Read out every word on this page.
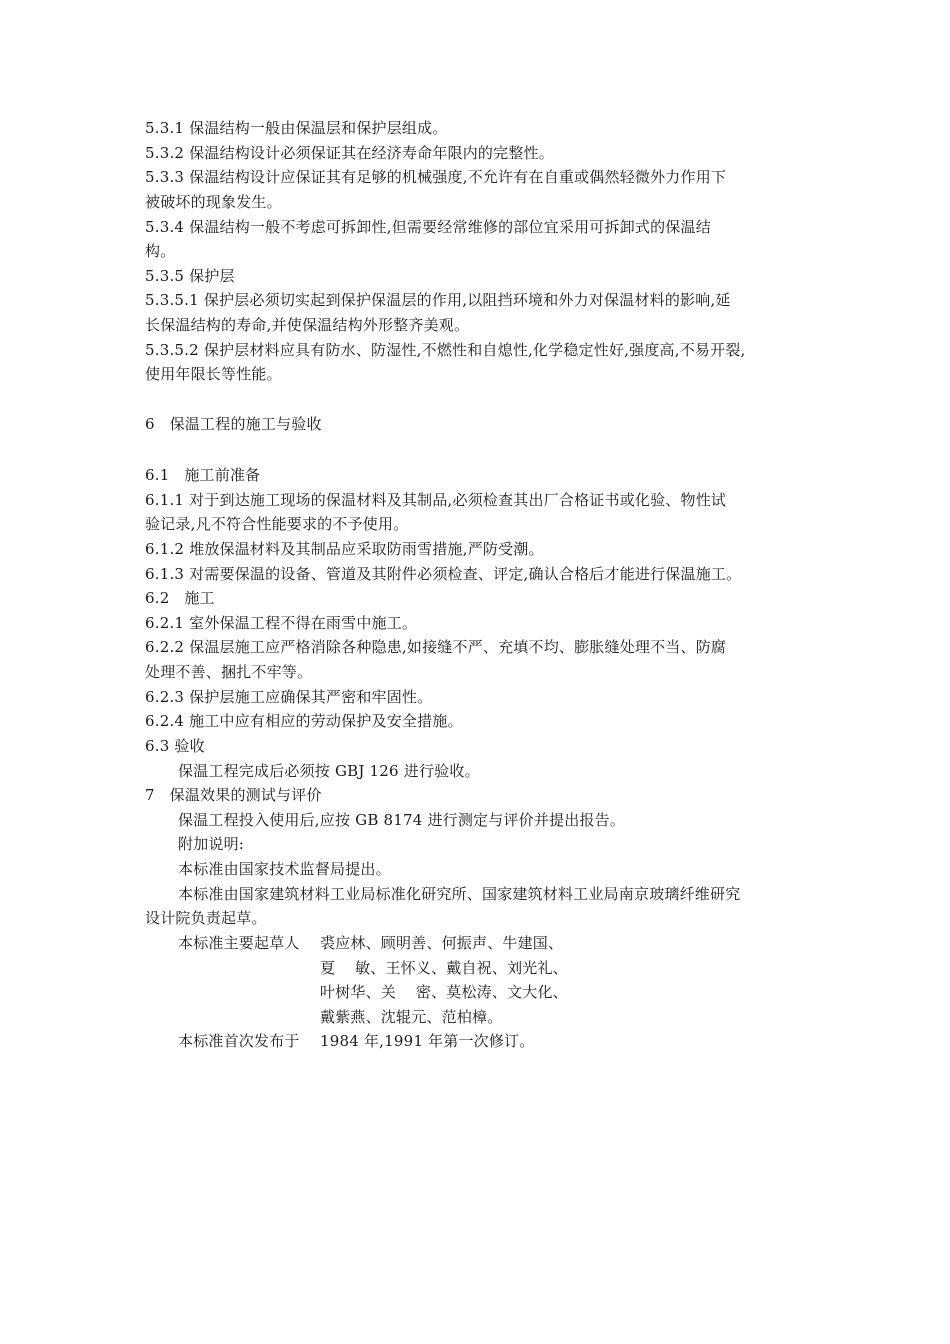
5.3.1 保温结构一般由保温层和保护层组成。
5.3.2 保温结构设计必须保证其在经济寿命年限内的完整性。
5.3.3 保温结构设计应保证其有足够的机械强度,不允许有在自重或偶然轻微外力作用下
被破坏的现象发生。
5.3.4 保温结构一般不考虑可拆卸性,但需要经常维修的部位宜采用可拆卸式的保温结
构。
5.3.5 保护层
5.3.5.1 保护层必须切实起到保护保温层的作用,以阻挡环境和外力对保温材料的影响,延
长保温结构的寿命,并使保温结构外形整齐美观。
5.3.5.2 保护层材料应具有防水、防湿性,不燃性和自熄性,化学稳定性好,强度高,不易开裂,
使用年限长等性能。
6   保温工程的施工与验收
6.1   施工前准备
6.1.1 对于到达施工现场的保温材料及其制品,必须检查其出厂合格证书或化验、物性试
验记录,凡不符合性能要求的不予使用。
6.1.2 堆放保温材料及其制品应采取防雨雪措施,严防受潮。
6.1.3 对需要保温的设备、管道及其附件必须检查、评定,确认合格后才能进行保温施工。
6.2   施工
6.2.1 室外保温工程不得在雨雪中施工。
6.2.2 保温层施工应严格消除各种隐患,如接缝不严、充填不均、膨胀缝处理不当、防腐
处理不善、捆扎不牢等。
6.2.3 保护层施工应确保其严密和牢固性。
6.2.4 施工中应有相应的劳动保护及安全措施。
6.3 验收
保温工程完成后必须按 GBJ 126 进行验收。
7   保温效果的测试与评价
保温工程投入使用后,应按 GB 8174 进行测定与评价并提出报告。
附加说明:
本标准由国家技术监督局提出。
本标准由国家建筑材料工业局标准化研究所、国家建筑材料工业局南京玻璃纤维研究
设计院负责起草。
本标准主要起草人 裘应林、顾明善、何振声、牛建国、
夏    敏、王怀义、戴自祝、刘光礼、
叶树华、关    密、莫松涛、文大化、
戴紫燕、沈辊元、范柏樟。
本标准首次发布于 1984 年,1991 年第一次修订。
